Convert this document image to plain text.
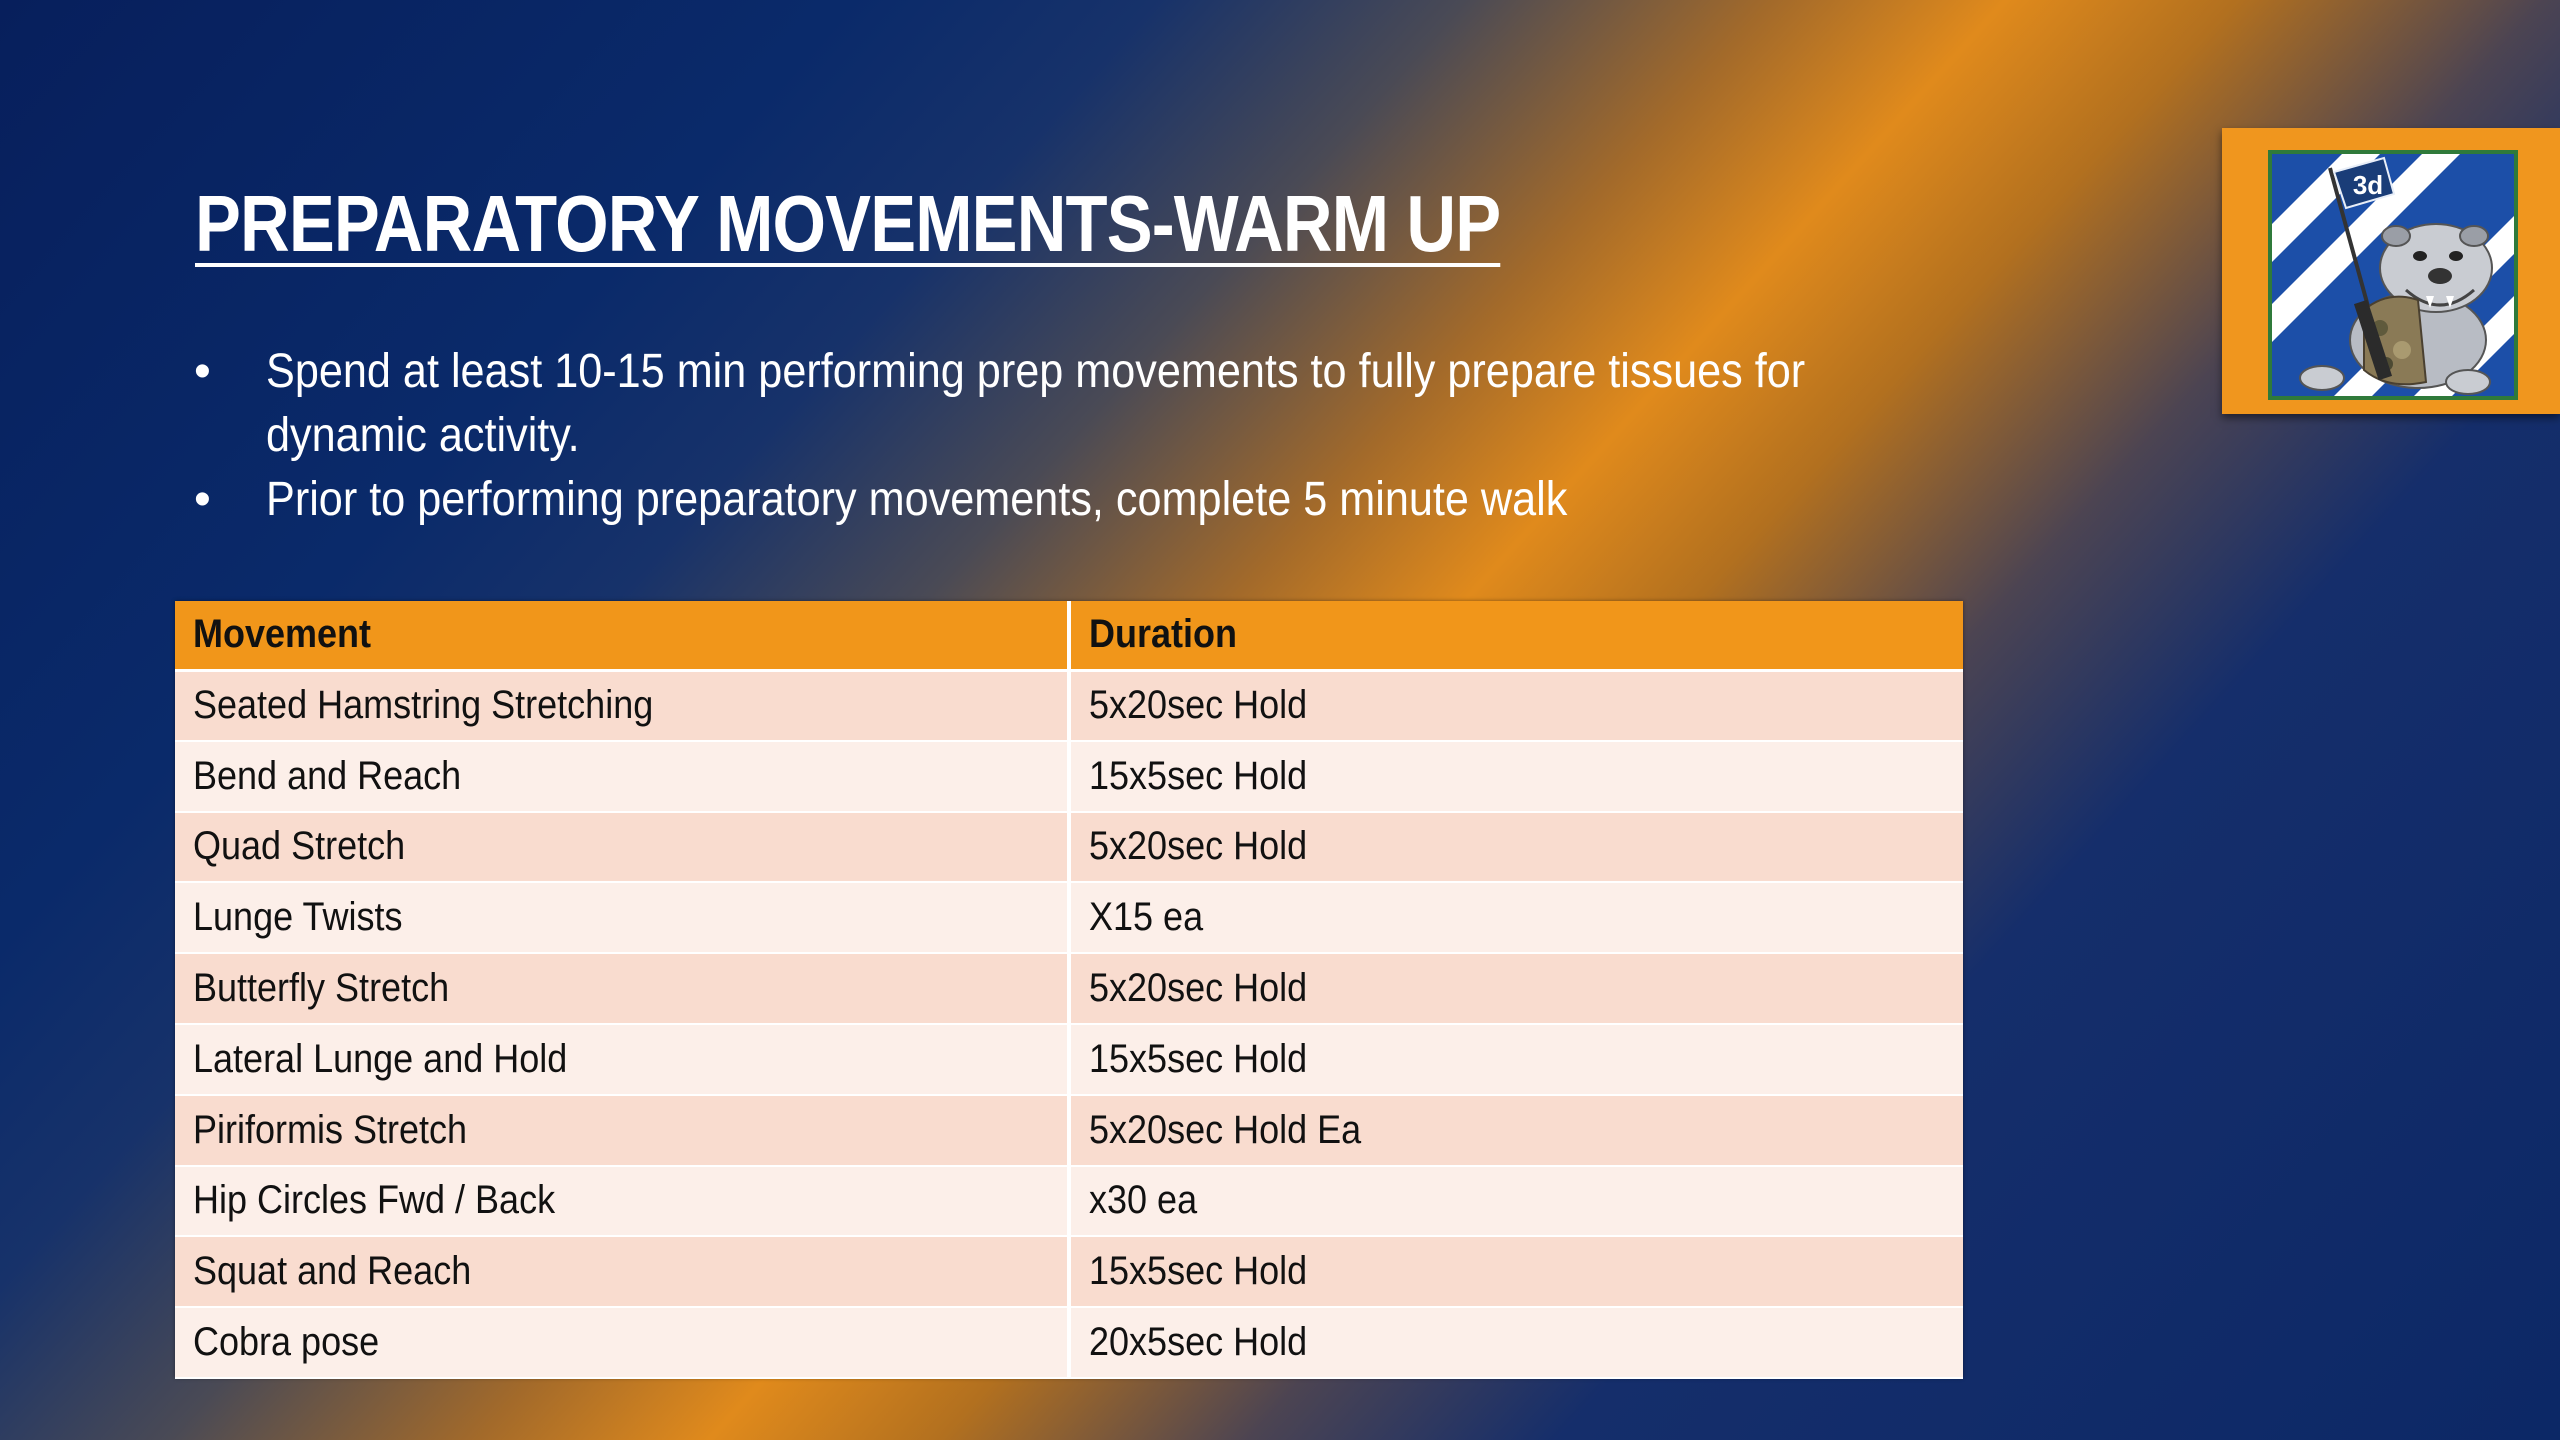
PREPARATORY MOVEMENTS-WARM UP
• Spend at least 10-15 min performing prep movements to fully prepare tissues for dynamic activity.
• Prior to performing preparatory movements, complete 5 minute walk
Movement	Duration
Seated Hamstring Stretching	5x20sec Hold
Bend and Reach	15x5sec Hold
Quad Stretch	5x20sec Hold
Lunge Twists	X15 ea
Butterfly Stretch	5x20sec Hold
Lateral Lunge and Hold	15x5sec Hold
Piriformis Stretch	5x20sec Hold Ea
Hip Circles Fwd / Back	x30 ea
Squat and Reach	15x5sec Hold
Cobra pose	20x5sec Hold
3d
